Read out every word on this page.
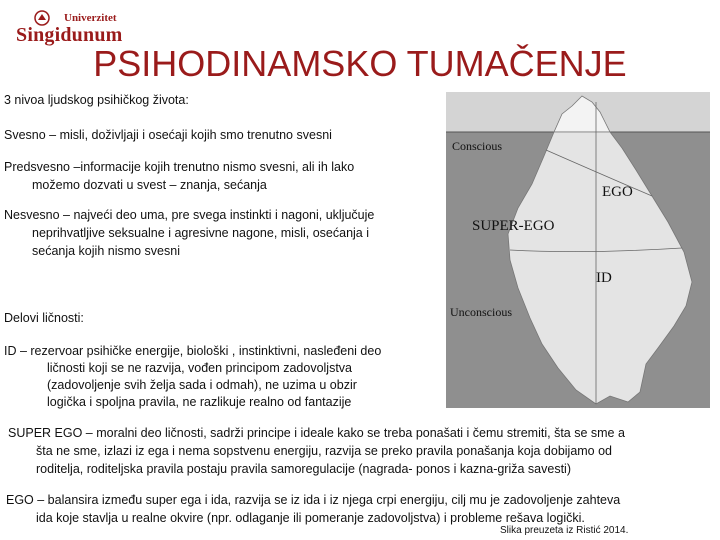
Univerzitet
Singidunum
PSIHODINAMSKO TUMAČENJE
3 nivoa ljudskog psihičkog života:
Svesno – misli, doživljaji i osećaji kojih smo trenutno svesni
Predsvesno –informacije kojih trenutno nismo svesni, ali ih lako
možemo dozvati u svest – znanja, sećanja
Nesvesno – najveći deo uma, pre svega instinkti i nagoni, uključuje
neprihvatljive seksualne i agresivne nagone, misli, osećanja i
sećanja kojih nismo svesni
Delovi ličnosti:
ID – rezervoar psihičke energije, biološki , instinktivni, nasleđeni deo
ličnosti koji se ne razvija, vođen principom zadovoljstva
(zadovoljenje svih želja sada i odmah), ne uzima u obzir
logička i spoljna pravila, ne razlikuje realno od fantazije
SUPER EGO – moralni deo ličnosti, sadrži principe i ideale kako se treba ponašati i čemu stremiti, šta se sme a
šta ne sme, izlazi iz ega i nema sopstvenu energiju, razvija se preko pravila ponašanja koja dobijamo od
roditelja, roditeljska pravila postaju pravila samoregulacije (nagrada- ponos i kazna-griža savesti)
EGO – balansira između super ega i ida, razvija se iz ida i iz njega crpi energiju, cilj mu je zadovoljenje zahteva
ida koje stavlja u realne okvire (npr. odlaganje ili pomeranje zadovoljstva) i probleme rešava logički.
Conscious
EGO
SUPER-EGO
ID
Unconscious
Slika preuzeta iz Ristić 2014.
